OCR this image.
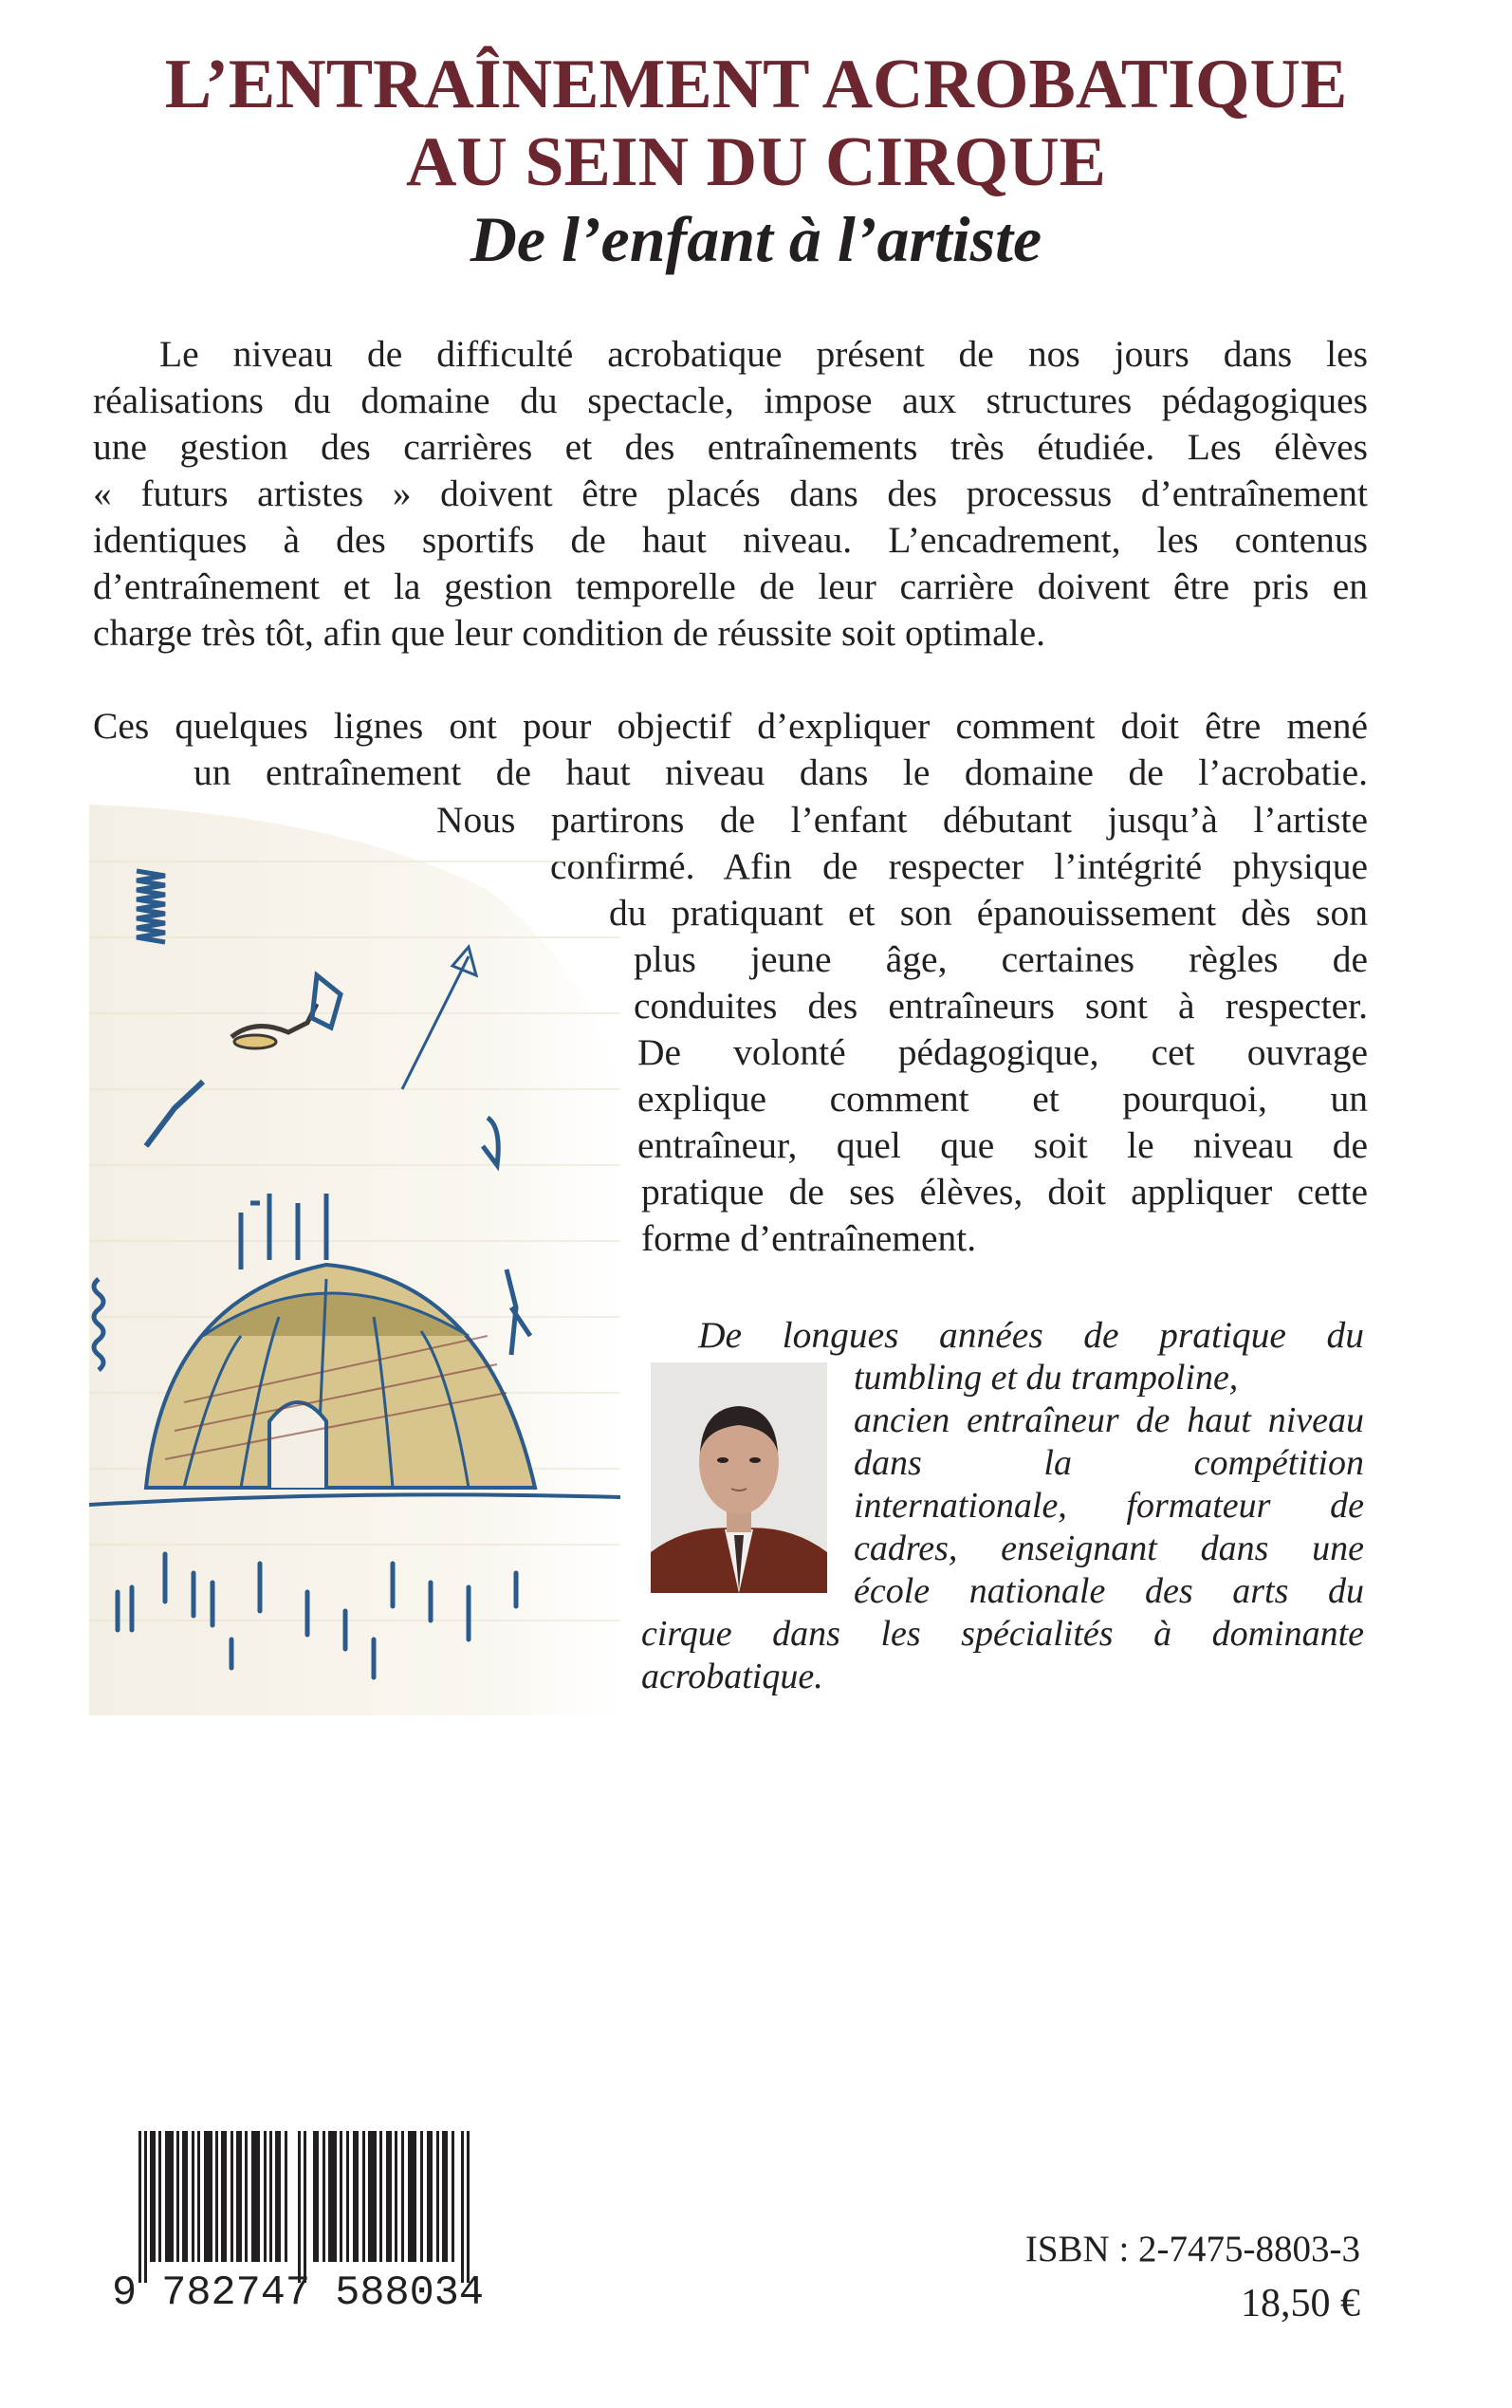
L’ENTRAÎNEMENT ACROBATIQUE
AU SEIN DU CIRQUE
De l’enfant à l’artiste
Le niveau de difficulté acrobatique présent de nos jours dans les
réalisations du domaine du spectacle, impose aux structures pédagogiques
une gestion des carrières et des entraînements très étudiée. Les élèves
« futurs artistes » doivent être placés dans des processus d’entraînement
identiques à des sportifs de haut niveau. L’encadrement, les contenus
d’entraînement et la gestion temporelle de leur carrière doivent être pris en
charge très tôt, afin que leur condition de réussite soit optimale.
Ces quelques lignes ont pour objectif d’expliquer comment doit être mené
un entraînement de haut niveau dans le domaine de l’acrobatie.
Nous partirons de l’enfant débutant jusqu’à l’artiste
confirmé. Afin de respecter l’intégrité physique
du pratiquant et son épanouissement dès son
plus jeune âge, certaines règles de
conduites des entraîneurs sont à respecter.
De volonté pédagogique, cet ouvrage
explique comment et pourquoi, un
entraîneur, quel que soit le niveau de
pratique de ses élèves, doit appliquer cette
forme d’entraînement.
De longues années de pratique du
tumbling et du trampoline,
ancien entraîneur de haut niveau
dans la compétition
internationale, formateur de
cadres, enseignant dans une
école nationale des arts du
cirque dans les spécialités à dominante
acrobatique.
9 782747 588034
ISBN : 2-7475-8803-3
18,50 €
